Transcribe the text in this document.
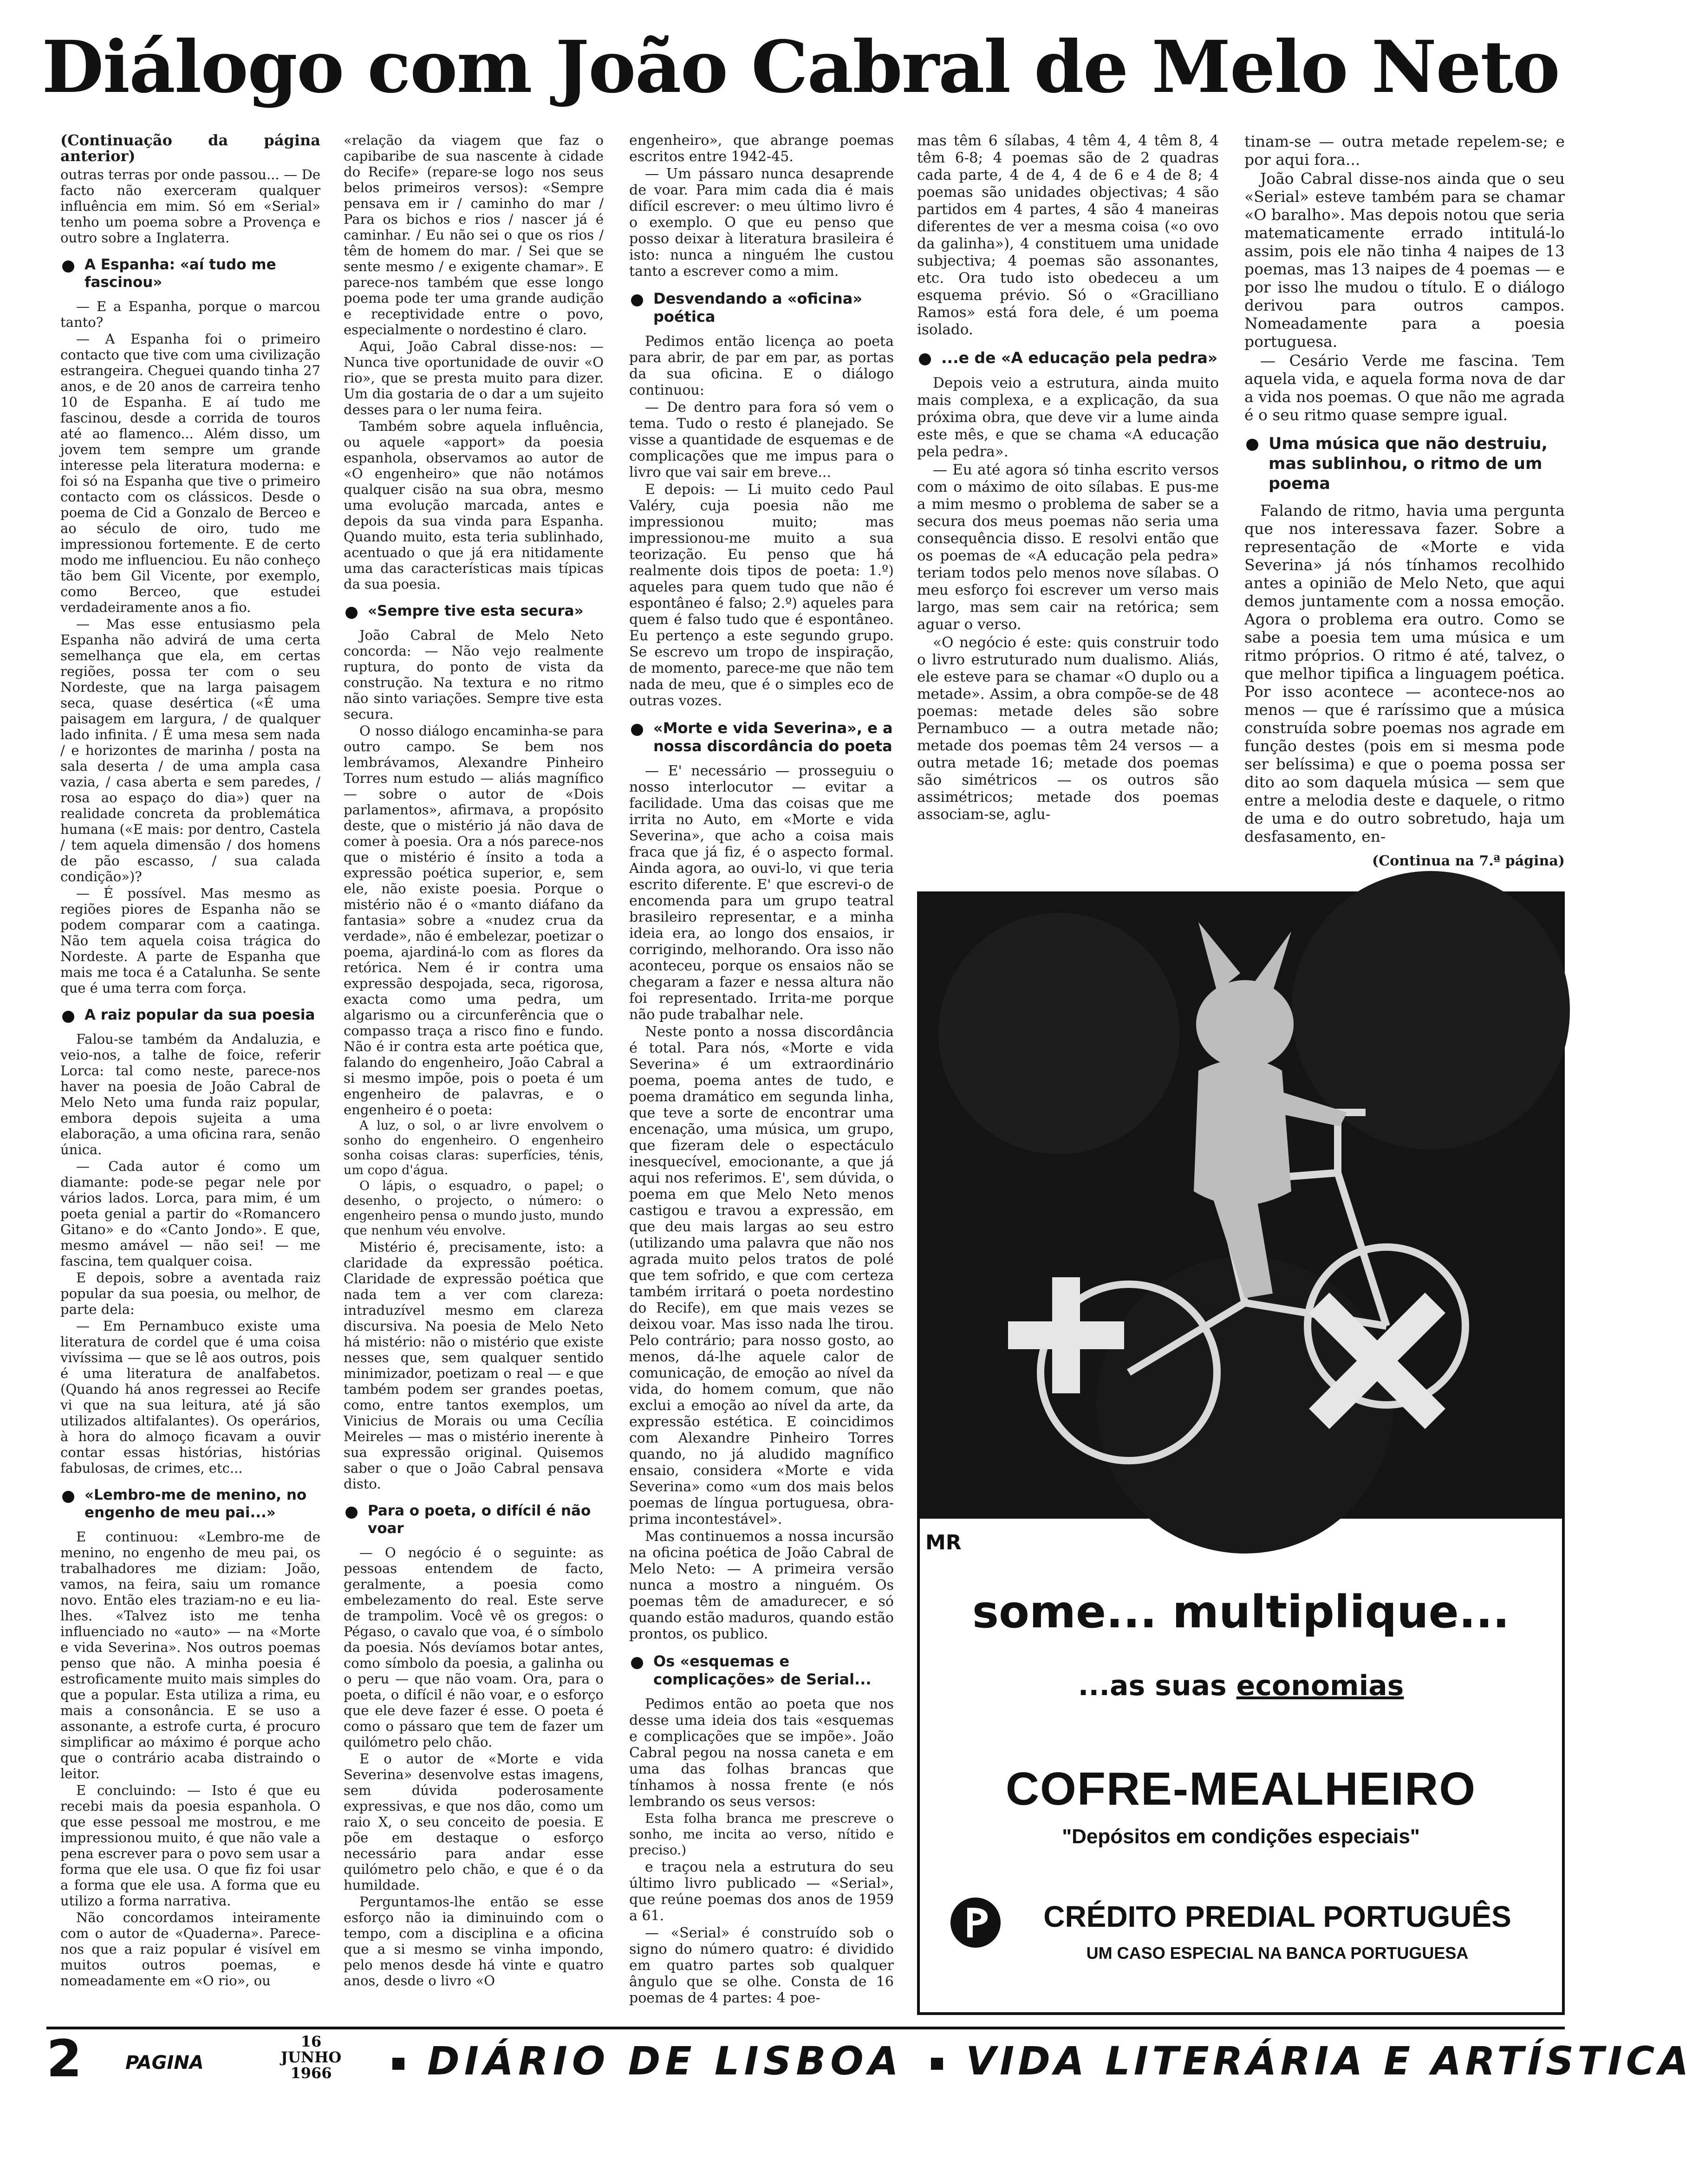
Diálogo com João Cabral de Melo Neto
(Continuação da página anterior)

outras terras por onde passou... — De facto não exerceram qualquer influência em mim. Só em «Serial» tenho um poema sobre a Provença e outro sobre a Inglaterra.

A Espanha: «aí tudo me fascinou»

— E a Espanha, porque o marcou tanto?

— A Espanha foi o primeiro contacto que tive com uma civilização estrangeira. Cheguei quando tinha 27 anos, e de 20 anos de carreira tenho 10 de Espanha. E aí tudo me fascinou, desde a corrida de touros até ao flamenco... Além disso, um jovem tem sempre um grande interesse pela literatura moderna: e foi só na Espanha que tive o primeiro contacto com os clássicos. Desde o poema de Cid a Gonzalo de Berceo e ao século de oiro, tudo me impressionou fortemente. E de certo modo me influenciou. Eu não conheço tão bem Gil Vicente, por exemplo, como Berceo, que estudei verdadeiramente anos a fio.

— Mas esse entusiasmo pela Espanha não advirá de uma certa semelhança que ela, em certas regiões, possa ter com o seu Nordeste, que na larga paisagem seca, quase desértica («É uma paisagem em largura, / de qualquer lado infinita. / É uma mesa sem nada / e horizontes de marinha / posta na sala deserta / de uma ampla casa vazia, / casa aberta e sem paredes, / rosa ao espaço do dia») quer na realidade concreta da problemática humana («E mais: por dentro, Castela / tem aquela dimensão / dos homens de pão escasso, / sua calada condição»)?

— É possível. Mas mesmo as regiões piores de Espanha não se podem comparar com a caatinga. Não tem aquela coisa trágica do Nordeste. A parte de Espanha que mais me toca é a Catalunha. Se sente que é uma terra com força.

A raiz popular da sua poesia

Falou-se também da Andaluzia, e veio-nos, a talhe de foice, referir Lorca: tal como neste, parece-nos haver na poesia de João Cabral de Melo Neto uma funda raiz popular, embora depois sujeita a uma elaboração, a uma oficina rara, senão única.

— Cada autor é como um diamante: pode-se pegar nele por vários lados. Lorca, para mim, é um poeta genial a partir do «Romancero Gitano» e do «Canto Jondo». E que, mesmo amável — não sei! — me fascina, tem qualquer coisa.

E depois, sobre a aventada raiz popular da sua poesia, ou melhor, de parte dela:

— Em Pernambuco existe uma literatura de cordel que é uma coisa vivíssima — que se lê aos outros, pois é uma literatura de analfabetos. (Quando há anos regressei ao Recife vi que na sua leitura, até já são utilizados altifalantes). Os operários, à hora do almoço ficavam a ouvir contar essas histórias, histórias fabulosas, de crimes, etc...

«Lembro-me de menino, no engenho de meu pai...»

E continuou: «Lembro-me de menino, no engenho de meu pai, os trabalhadores me diziam: João, vamos, na feira, saiu um romance novo. Então eles traziam-no e eu lia-lhes. «Talvez isto me tenha influenciado no «auto» — na «Morte e vida Severina». Nos outros poemas penso que não. A minha poesia é estroficamente muito mais simples do que a popular. Esta utiliza a rima, eu mais a consonância. E se uso a assonante, a estrofe curta, é procuro simplificar ao máximo é porque acho que o contrário acaba distraindo o leitor.

E concluindo: — Isto é que eu recebi mais da poesia espanhola. O que esse pessoal me mostrou, e me impressionou muito, é que não vale a pena escrever para o povo sem usar a forma que ele usa. O que fiz foi usar a forma que ele usa. A forma que eu utilizo a forma narrativa.

Não concordamos inteiramente com o autor de «Quaderna». Parece-nos que a raiz popular é visível em muitos outros poemas, e nomeadamente em «O rio», ou

«relação da viagem que faz o capibaribe de sua nascente à cidade do Recife» (repare-se logo nos seus belos primeiros versos): «Sempre pensava em ir / caminho do mar / Para os bichos e rios / nascer já é caminhar. / Eu não sei o que os rios / têm de homem do mar. / Sei que se sente mesmo / e exigente chamar». E parece-nos também que esse longo poema pode ter uma grande audição e receptividade entre o povo, especialmente o nordestino é claro.

Aqui, João Cabral disse-nos: — Nunca tive oportunidade de ouvir «O rio», que se presta muito para dizer. Um dia gostaria de o dar a um sujeito desses para o ler numa feira.

Também sobre aquela influência, ou aquele «apport» da poesia espanhola, observamos ao autor de «O engenheiro» que não notámos qualquer cisão na sua obra, mesmo uma evolução marcada, antes e depois da sua vinda para Espanha. Quando muito, esta teria sublinhado, acentuado o que já era nitidamente uma das características mais típicas da sua poesia.

«Sempre tive esta secura»

João Cabral de Melo Neto concorda: — Não vejo realmente ruptura, do ponto de vista da construção. Na textura e no ritmo não sinto variações. Sempre tive esta secura.

O nosso diálogo encaminha-se para outro campo. Se bem nos lembrávamos, Alexandre Pinheiro Torres num estudo — aliás magnífico — sobre o autor de «Dois parlamentos», afirmava, a propósito deste, que o mistério já não dava de comer à poesia. Ora a nós parece-nos que o mistério é ínsito a toda a expressão poética superior, e, sem ele, não existe poesia. Porque o mistério não é o «manto diáfano da fantasia» sobre a «nudez crua da verdade», não é embelezar, poetizar o poema, ajardiná-lo com as flores da retórica. Nem é ir contra uma expressão despojada, seca, rigorosa, exacta como uma pedra, um algarismo ou a circunferência que o compasso traça a risco fino e fundo. Não é ir contra esta arte poética que, falando do engenheiro, João Cabral a si mesmo impõe, pois o poeta é um engenheiro de palavras, e o engenheiro é o poeta:

A luz, o sol, o ar livre envolvem o sonho do engenheiro. O engenheiro sonha coisas claras: superfícies, ténis, um copo d'água.

O lápis, o esquadro, o papel; o desenho, o projecto, o número: o engenheiro pensa o mundo justo, mundo que nenhum véu envolve.

Mistério é, precisamente, isto: a claridade da expressão poética. Claridade de expressão poética que nada tem a ver com clareza: intraduzível mesmo em clareza discursiva. Na poesia de Melo Neto há mistério: não o mistério que existe nesses que, sem qualquer sentido minimizador, poetizam o real — e que também podem ser grandes poetas, como, entre tantos exemplos, um Vinicius de Morais ou uma Cecília Meireles — mas o mistério inerente à sua expressão original. Quisemos saber o que o João Cabral pensava disto.

Para o poeta, o difícil é não voar

— O negócio é o seguinte: as pessoas entendem de facto, geralmente, a poesia como embelezamento do real. Este serve de trampolim. Você vê os gregos: o Pégaso, o cavalo que voa, é o símbolo da poesia. Nós devíamos botar antes, como símbolo da poesia, a galinha ou o peru — que não voam. Ora, para o poeta, o difícil é não voar, e o esforço que ele deve fazer é esse. O poeta é como o pássaro que tem de fazer um quilómetro pelo chão.

E o autor de «Morte e vida Severina» desenvolve estas imagens, sem dúvida poderosamente expressivas, e que nos dão, como um raio X, o seu conceito de poesia. E põe em destaque o esforço necessário para andar esse quilómetro pelo chão, e que é o da humildade.

Perguntamos-lhe então se esse esforço não ia diminuindo com o tempo, com a disciplina e a oficina que a si mesmo se vinha impondo, pelo menos desde há vinte e quatro anos, desde o livro «O

engenheiro», que abrange poemas escritos entre 1942-45.

— Um pássaro nunca desaprende de voar. Para mim cada dia é mais difícil escrever: o meu último livro é o exemplo. O que eu penso que posso deixar à literatura brasileira é isto: nunca a ninguém lhe custou tanto a escrever como a mim.

Desvendando a «oficina» poética

Pedimos então licença ao poeta para abrir, de par em par, as portas da sua oficina. E o diálogo continuou:

— De dentro para fora só vem o tema. Tudo o resto é planejado. Se visse a quantidade de esquemas e de complicações que me impus para o livro que vai sair em breve...

E depois: — Li muito cedo Paul Valéry, cuja poesia não me impressionou muito; mas impressionou-me muito a sua teorização. Eu penso que há realmente dois tipos de poeta: 1.º) aqueles para quem tudo que não é espontâneo é falso; 2.º) aqueles para quem é falso tudo que é espontâneo. Eu pertenço a este segundo grupo. Se escrevo um tropo de inspiração, de momento, parece-me que não tem nada de meu, que é o simples eco de outras vozes.

«Morte e vida Severina», e a nossa discordância do poeta

— E' necessário — prosseguiu o nosso interlocutor — evitar a facilidade. Uma das coisas que me irrita no Auto, em «Morte e vida Severina», que acho a coisa mais fraca que já fiz, é o aspecto formal. Ainda agora, ao ouvi-lo, vi que teria escrito diferente. E' que escrevi-o de encomenda para um grupo teatral brasileiro representar, e a minha ideia era, ao longo dos ensaios, ir corrigindo, melhorando. Ora isso não aconteceu, porque os ensaios não se chegaram a fazer e nessa altura não foi representado. Irrita-me porque não pude trabalhar nele.

Neste ponto a nossa discordância é total. Para nós, «Morte e vida Severina» é um extraordinário poema, poema antes de tudo, e poema dramático em segunda linha, que teve a sorte de encontrar uma encenação, uma música, um grupo, que fizeram dele o espectáculo inesquecível, emocionante, a que já aqui nos referimos. E', sem dúvida, o poema em que Melo Neto menos castigou e travou a expressão, em que deu mais largas ao seu estro (utilizando uma palavra que não nos agrada muito pelos tratos de polé que tem sofrido, e que com certeza também irritará o poeta nordestino do Recife), em que mais vezes se deixou voar. Mas isso nada lhe tirou. Pelo contrário; para nosso gosto, ao menos, dá-lhe aquele calor de comunicação, de emoção ao nível da vida, do homem comum, que não exclui a emoção ao nível da arte, da expressão estética. E coincidimos com Alexandre Pinheiro Torres quando, no já aludido magnífico ensaio, considera «Morte e vida Severina» como «um dos mais belos poemas de língua portuguesa, obra-prima incontestável».

Mas continuemos a nossa incursão na oficina poética de João Cabral de Melo Neto: — A primeira versão nunca a mostro a ninguém. Os poemas têm de amadurecer, e só quando estão maduros, quando estão prontos, os publico.

Os «esquemas e complicações» de Serial...

Pedimos então ao poeta que nos desse uma ideia dos tais «esquemas e complicações que se impõe». João Cabral pegou na nossa caneta e em uma das folhas brancas que tínhamos à nossa frente (e nós lembrando os seus versos:

Esta folha branca me prescreve o sonho, me incita ao verso, nítido e preciso.)

e traçou nela a estrutura do seu último livro publicado — «Serial», que reúne poemas dos anos de 1959 a 61.

— «Serial» é construído sob o signo do número quatro: é dividido em quatro partes sob qualquer ângulo que se olhe. Consta de 16 poemas de 4 partes: 4 poe-

mas têm 6 sílabas, 4 têm 4, 4 têm 8, 4 têm 6-8; 4 poemas são de 2 quadras cada parte, 4 de 4, 4 de 6 e 4 de 8; 4 poemas são unidades objectivas; 4 são partidos em 4 partes, 4 são 4 maneiras diferentes de ver a mesma coisa («o ovo da galinha»), 4 constituem uma unidade subjectiva; 4 poemas são assonantes, etc. Ora tudo isto obedeceu a um esquema prévio. Só o «Gracilliano Ramos» está fora dele, é um poema isolado.

...e de «A educação pela pedra»

Depois veio a estrutura, ainda muito mais complexa, e a explicação, da sua próxima obra, que deve vir a lume ainda este mês, e que se chama «A educação pela pedra».

— Eu até agora só tinha escrito versos com o máximo de oito sílabas. E pus-me a mim mesmo o problema de saber se a secura dos meus poemas não seria uma consequência disso. E resolvi então que os poemas de «A educação pela pedra» teriam todos pelo menos nove sílabas. O meu esforço foi escrever um verso mais largo, mas sem cair na retórica; sem aguar o verso.

«O negócio é este: quis construir todo o livro estruturado num dualismo. Aliás, ele esteve para se chamar «O duplo ou a metade». Assim, a obra compõe-se de 48 poemas: metade deles são sobre Pernambuco — a outra metade não; metade dos poemas têm 24 versos — a outra metade 16; metade dos poemas são simétricos — os outros são assimétricos; metade dos poemas associam-se, aglu-

tinam-se — outra metade repelem-se; e por aqui fora...

João Cabral disse-nos ainda que o seu «Serial» esteve também para se chamar «O baralho». Mas depois notou que seria matematicamente errado intitulá-lo assim, pois ele não tinha 4 naipes de 13 poemas, mas 13 naipes de 4 poemas — e por isso lhe mudou o título. E o diálogo derivou para outros campos. Nomeadamente para a poesia portuguesa.

— Cesário Verde me fascina. Tem aquela vida, e aquela forma nova de dar a vida nos poemas. O que não me agrada é o seu ritmo quase sempre igual.

Uma música que não destruiu, mas sublinhou, o ritmo de um poema

Falando de ritmo, havia uma pergunta que nos interessava fazer. Sobre a representação de «Morte e vida Severina» já nós tínhamos recolhido antes a opinião de Melo Neto, que aqui demos juntamente com a nossa emoção. Agora o problema era outro. Como se sabe a poesia tem uma música e um ritmo próprios. O ritmo é até, talvez, o que melhor tipifica a linguagem poética. Por isso acontece — acontece-nos ao menos — que é raríssimo que a música construída sobre poemas nos agrade em função destes (pois em si mesma pode ser belíssima) e que o poema possa ser dito ao som daquela música — sem que entre a melodia deste e daquele, o ritmo de uma e do outro sobretudo, haja um desfasamento, en-

(Continua na 7.ª página)
MR
some... multiplique...
...as suas economias
COFRE-MEALHEIRO
"Depósitos em condições especiais"
CRÉDITO PREDIAL PORTUGUÊS
UM CASO ESPECIAL NA BANCA PORTUGUESA
2 PAGINA
16
JUNHO
1966	DIÁRIO DE LISBOA VIDA LITERÁRIA E ARTÍSTICA
